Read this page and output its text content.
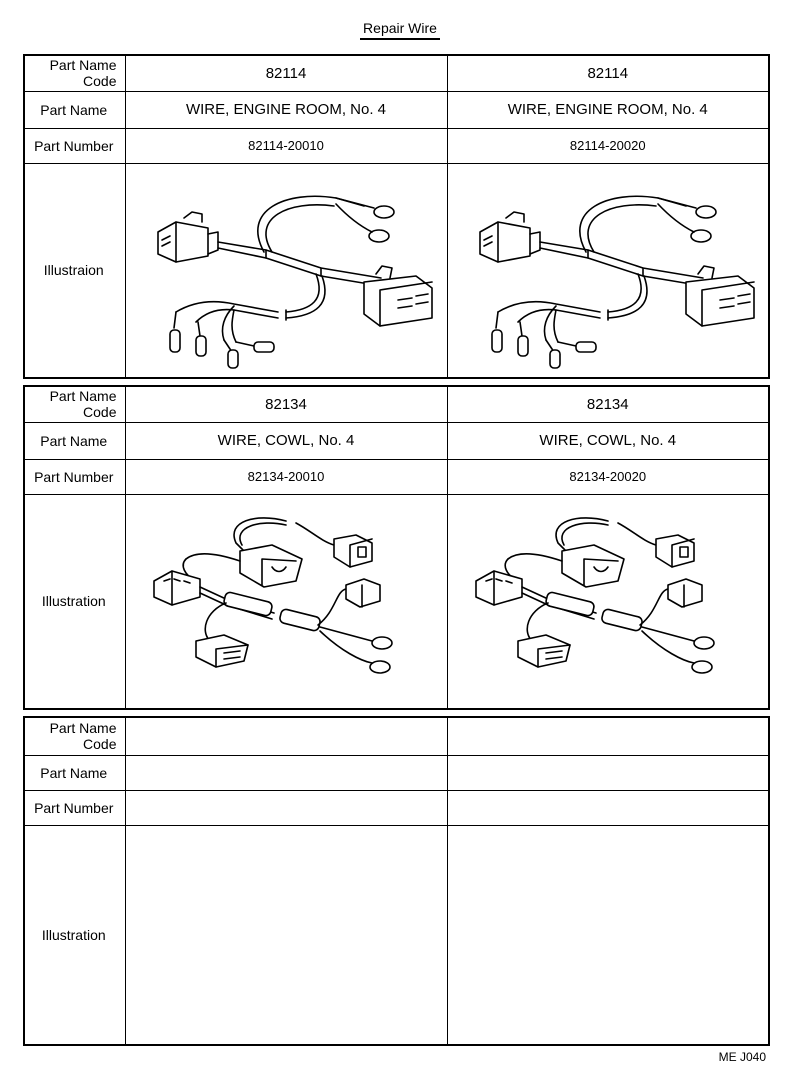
Repair Wire
Part Name
Code	82114	82114
Part Name	WIRE, ENGINE ROOM, No. 4	WIRE, ENGINE ROOM, No. 4
Part Number	82114-20010	82114-20020
Illustraion	

Part Name
Code	82134	82134
Part Name	WIRE, COWL, No. 4	WIRE, COWL, No. 4
Part Number	82134-20010	82134-20020
Illustration	

Part Name
Code		

Part Name		
Part Number		
Illustration		
ME J040
